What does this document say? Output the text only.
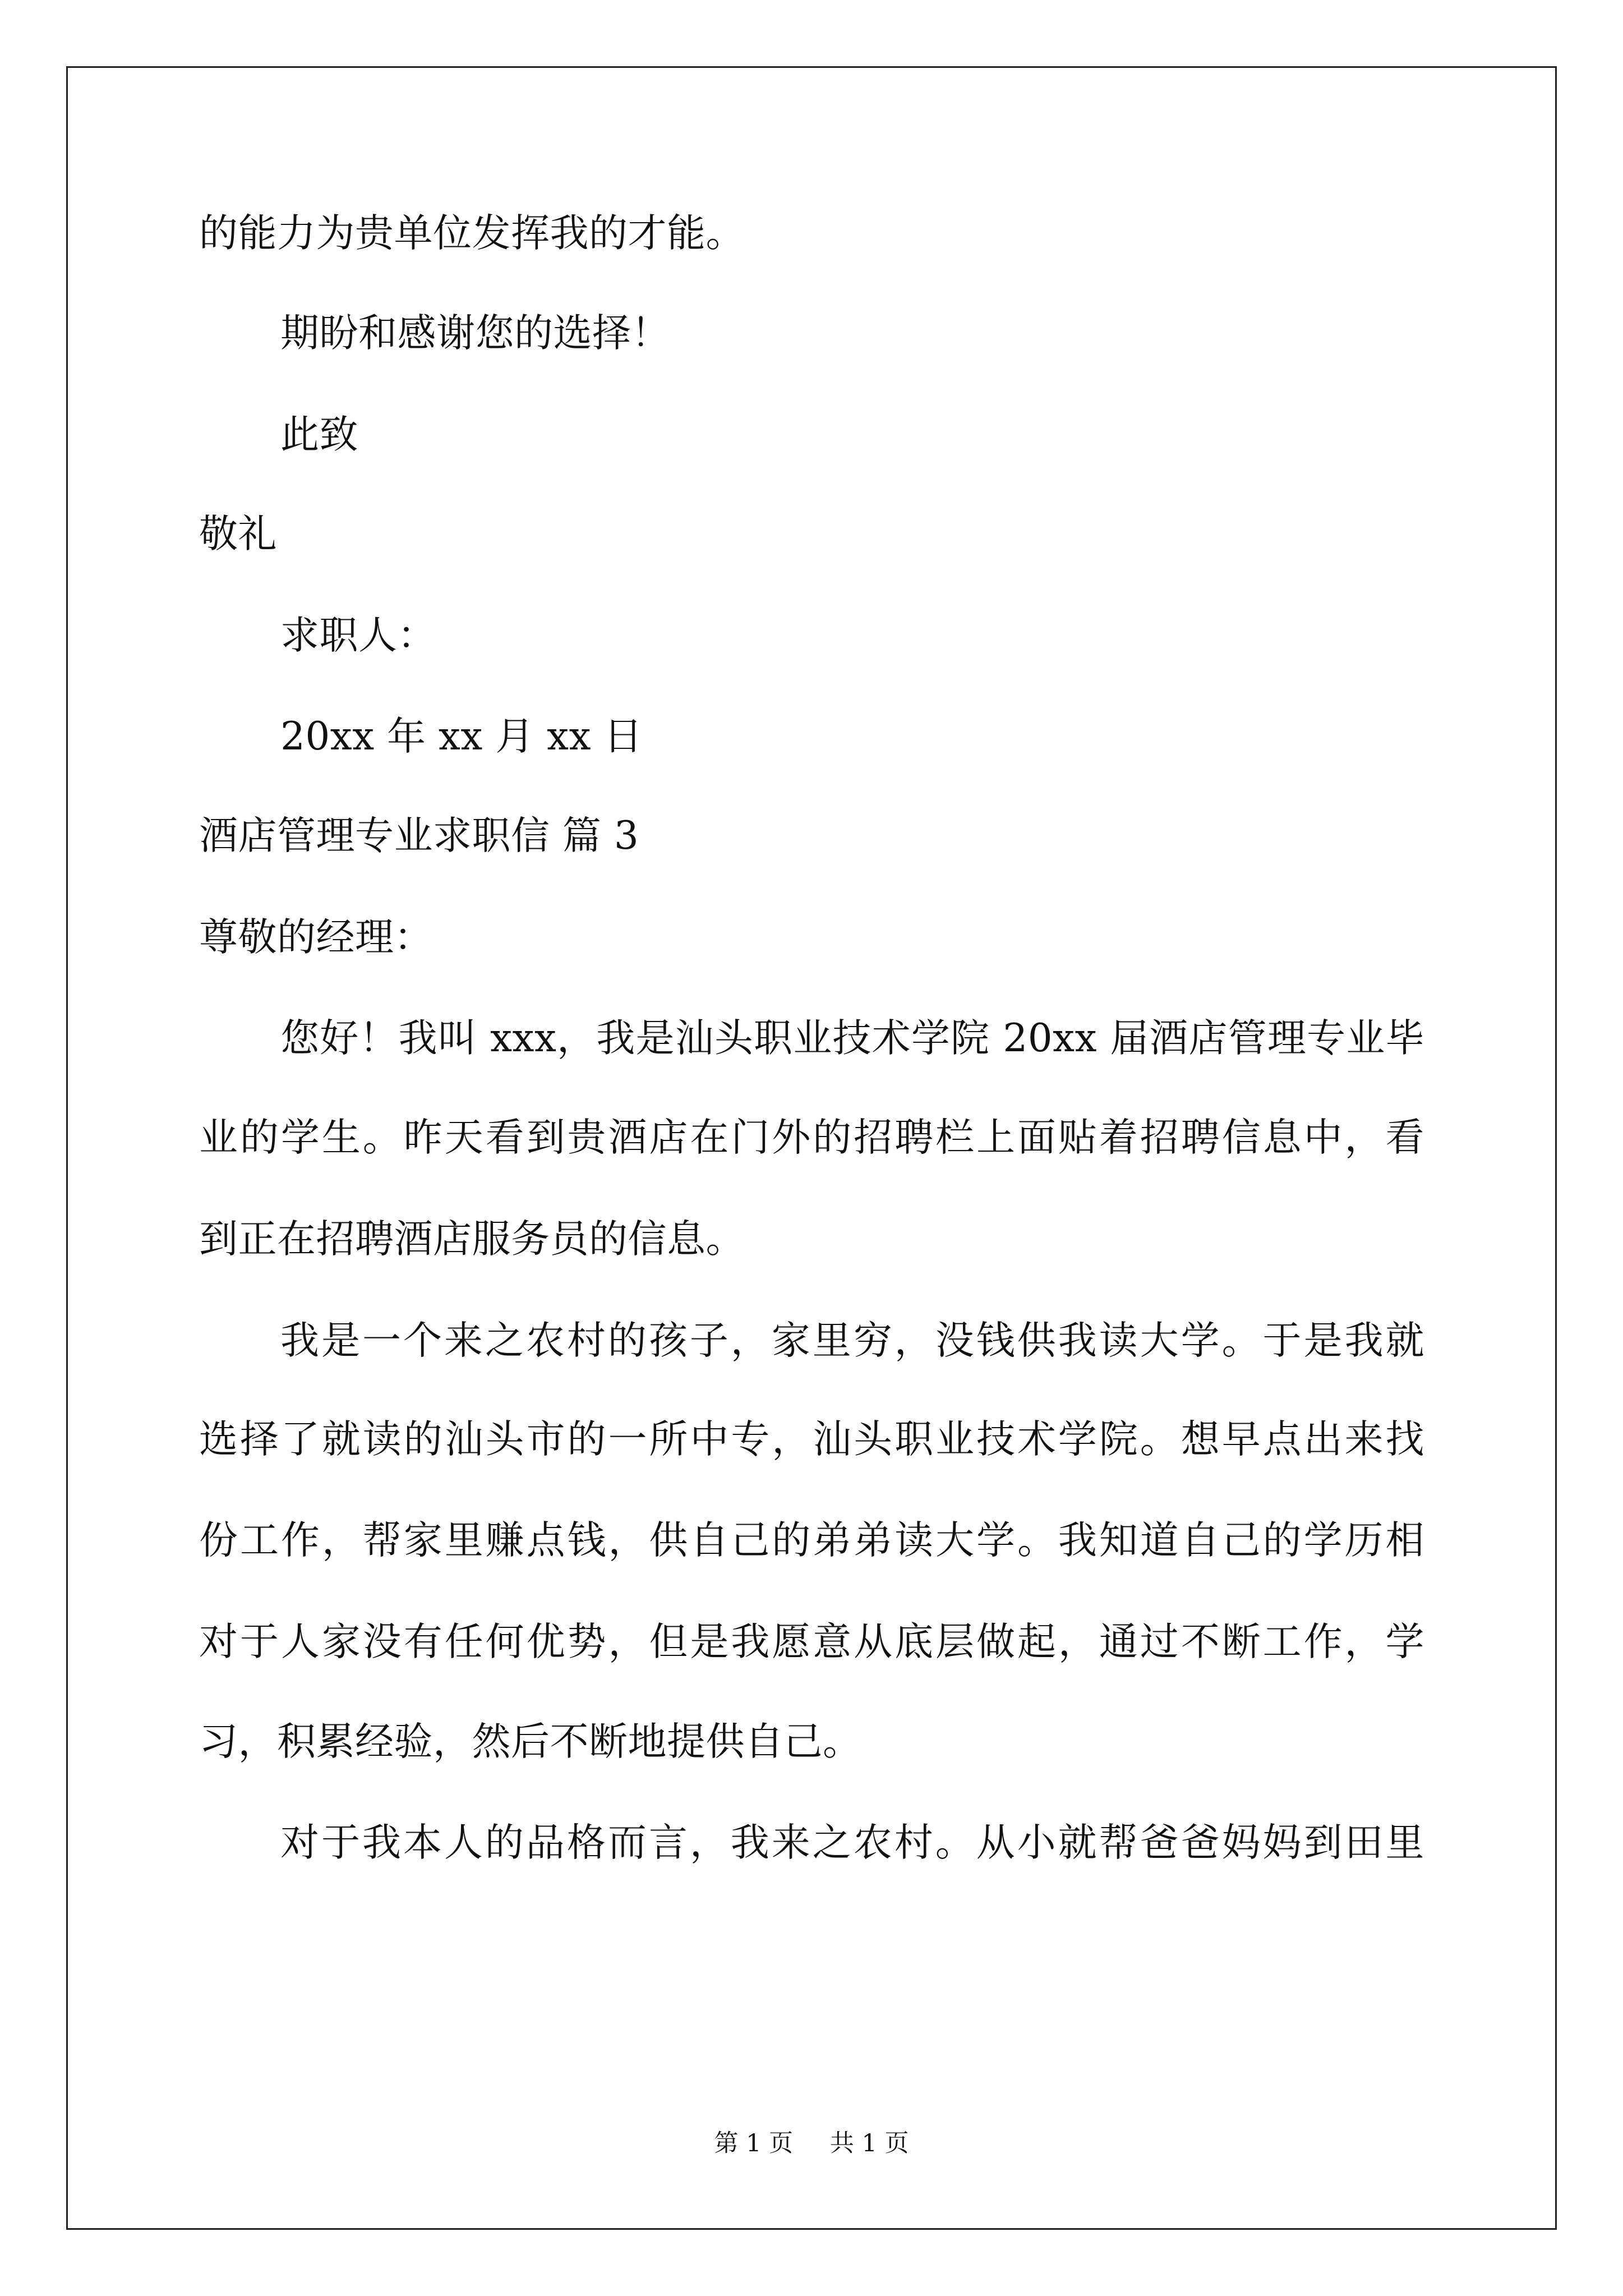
的能力为贵单位发挥我的才能。
期盼和感谢您的选择！
此致
敬礼
求职人：
20xx 年 xx 月 xx 日
酒店管理专业求职信 篇 3
尊敬的经理：
您好！我叫 xxx，我是汕头职业技术学院 20xx 届酒店管理专业毕
业的学生。昨天看到贵酒店在门外的招聘栏上面贴着招聘信息中，看
到正在招聘酒店服务员的信息。
我是一个来之农村的孩子，家里穷，没钱供我读大学。于是我就
选择了就读的汕头市的一所中专，汕头职业技术学院。想早点出来找
份工作，帮家里赚点钱，供自己的弟弟读大学。我知道自己的学历相
对于人家没有任何优势，但是我愿意从底层做起，通过不断工作，学
习，积累经验，然后不断地提供自己。
对于我本人的品格而言，我来之农村。从小就帮爸爸妈妈到田里
第 1 页 共 1 页
